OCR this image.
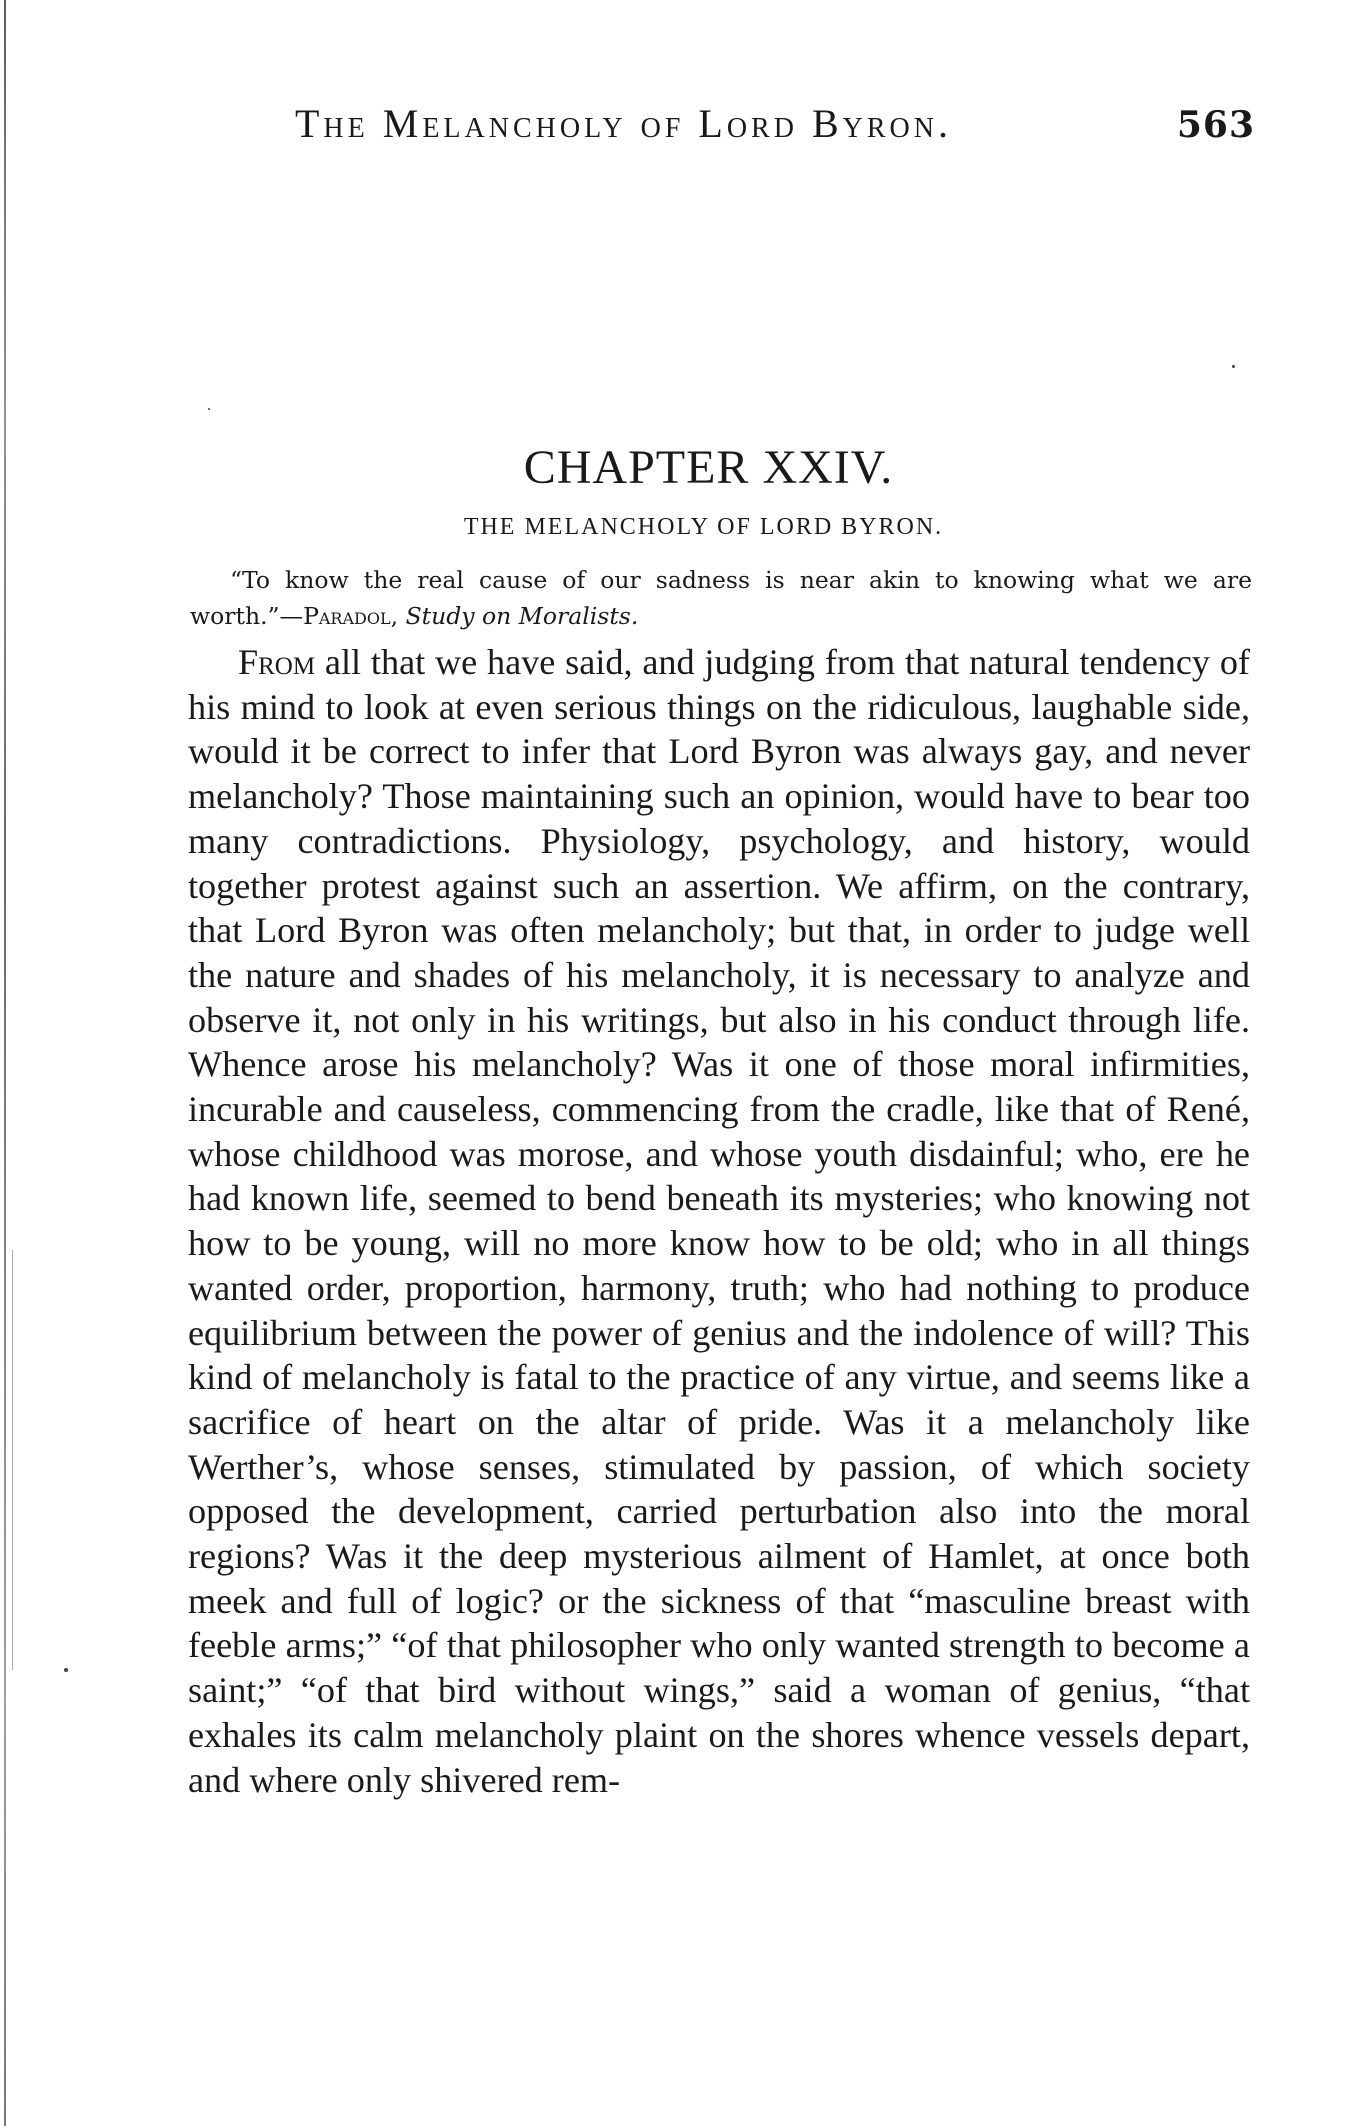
The Melancholy of Lord Byron.	563
CHAPTER XXIV.
THE MELANCHOLY OF LORD BYRON.
“To know the real cause of our sadness is near akin to knowing what we are worth.”—Paradol, Study on Moralists.

From all that we have said, and judging from that natural tendency of his mind to look at even serious things on the ridiculous, laughable side, would it be correct to infer that Lord Byron was always gay, and never melancholy? Those maintaining such an opinion, would have to bear too many contradictions. Physiology, psychology, and history, would together protest against such an assertion. We affirm, on the contrary, that Lord Byron was often melancholy; but that, in order to judge well the nature and shades of his melancholy, it is necessary to analyze and observe it, not only in his writings, but also in his conduct through life. Whence arose his melancholy? Was it one of those moral infirmities, incurable and causeless, commencing from the cradle, like that of René, whose childhood was morose, and whose youth disdainful; who, ere he had known life, seemed to bend beneath its mysteries; who knowing not how to be young, will no more know how to be old; who in all things wanted order, proportion, harmony, truth; who had nothing to produce equilibrium between the power of genius and the indolence of will? This kind of melancholy is fatal to the practice of any virtue, and seems like a sacrifice of heart on the altar of pride. Was it a melancholy like Werther’s, whose senses, stimulated by passion, of which society opposed the development, carried perturbation also into the moral regions? Was it the deep mysterious ailment of Hamlet, at once both meek and full of logic? or the sickness of that “masculine breast with feeble arms;” “of that philosopher who only wanted strength to become a saint;” “of that bird without wings,” said a woman of genius, “that exhales its calm melancholy plaint on the shores whence vessels depart, and where only shivered rem-
